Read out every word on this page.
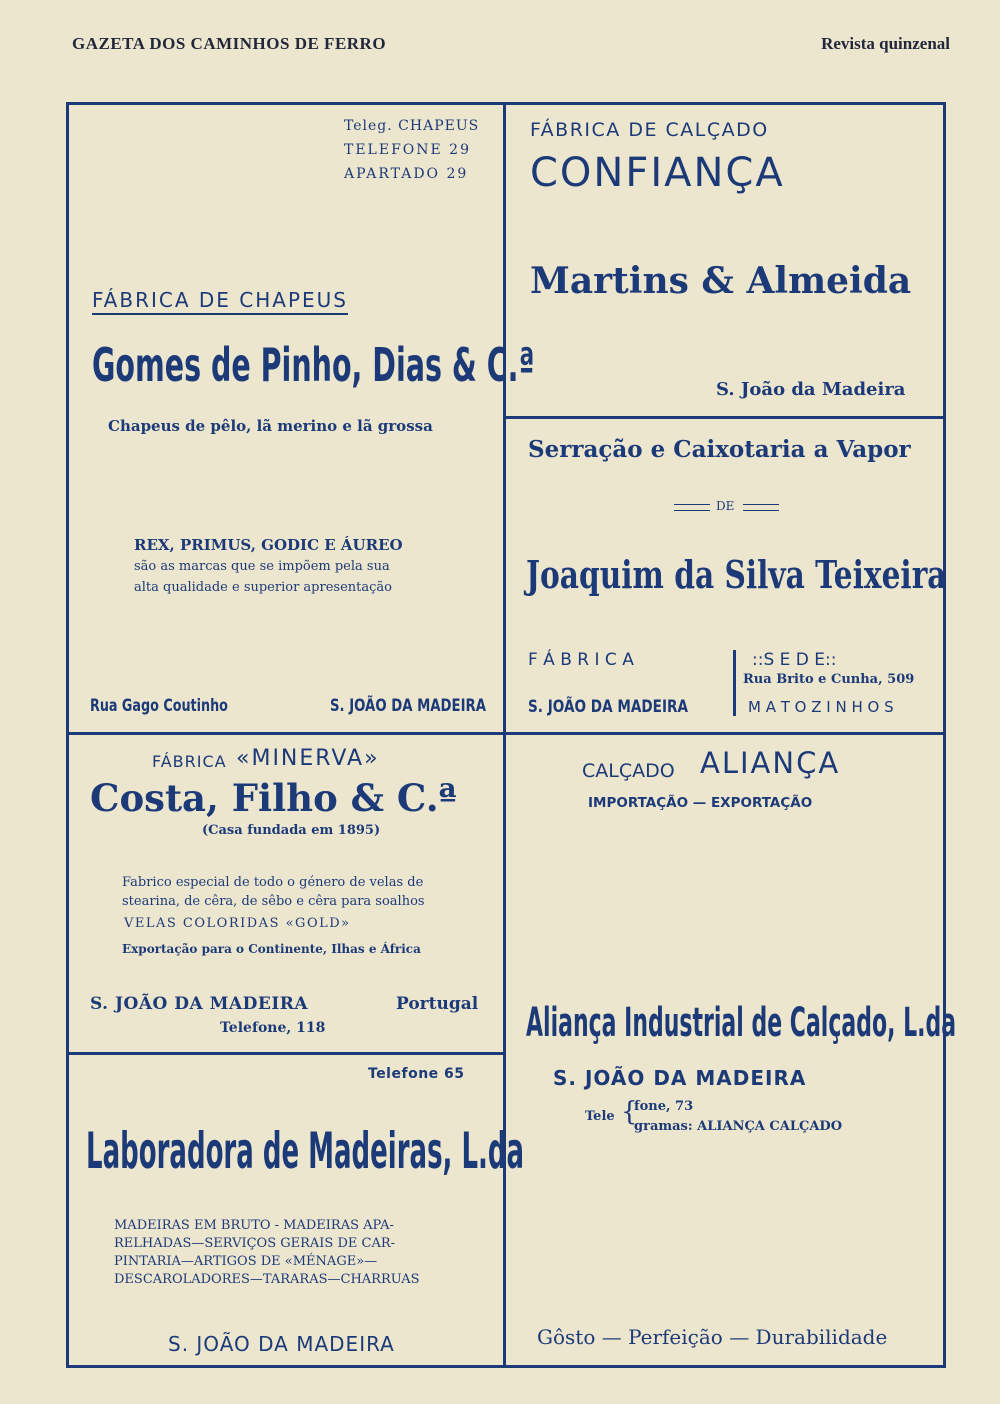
GAZETA DOS CAMINHOS DE FERRO	Revista quinzenal
Teleg. CHAPEUS
TELEFONE 29
APARTADO 29
FÁBRICA DE CHAPEUS
Gomes de Pinho, Dias & C.ª
Chapeus de pêlo, lã merino e lã grossa
REX, PRIMUS, GODIC E ÁUREO
são as marcas que se impõem pela sua
alta qualidade e superior apresentação
Rua Gago Coutinho	S. JOÃO DA MADEIRA
FÁBRICA DE CALÇADO
CONFIANÇA
Martins & Almeida
S. João da Madeira
Serração e Caixotaria a Vapor
DE
Joaquim da Silva Teixeira
F Á B R I C A
S. JOÃO DA MADEIRA
::S E D E::
Rua Brito e Cunha, 509
M A T O Z I N H O S
FÁBRICA «MINERVA»
Costa, Filho & C.ª
(Casa fundada em 1895)
Fabrico especial de todo o género de velas de
stearina, de cêra, de sêbo e cêra para soalhos
VELAS COLORIDAS «GOLD»
Exportação para o Continente, Ilhas e África
S. JOÃO DA MADEIRA	Portugal
Telefone, 118
CALÇADO ALIANÇA
IMPORTAÇÃO — EXPORTAÇÃO
Aliança Industrial de Calçado, L.da
S. JOÃO DA MADEIRA
Tele {
fone, 73
gramas: ALIANÇA CALÇADO
Gôsto — Perfeição — Durabilidade
Telefone 65
Laboradora de Madeiras, L.da
MADEIRAS EM BRUTO - MADEIRAS APA-
RELHADAS—SERVIÇOS GERAIS DE CAR-
PINTARIA—ARTIGOS DE «MÉNAGE»—
DESCAROLADORES—TARARAS—CHARRUAS
S. JOÃO DA MADEIRA
